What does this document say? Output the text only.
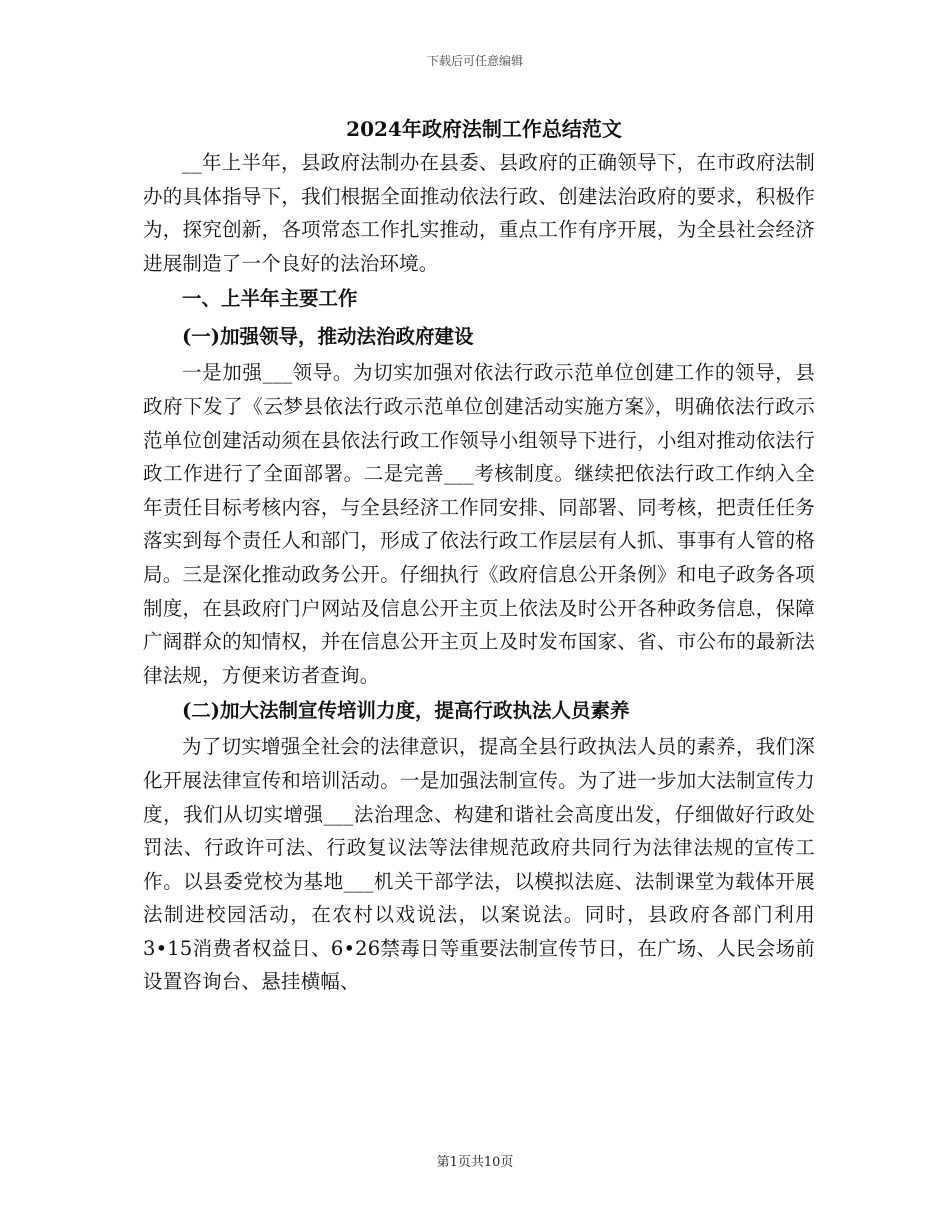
下载后可任意编辑
2024年政府法制工作总结范文

__年上半年，县政府法制办在县委、县政府的正确领导下，在市政府法制办的具体指导下，我们根据全面推动依法行政、创建法治政府的要求，积极作为，探究创新，各项常态工作扎实推动，重点工作有序开展，为全县社会经济进展制造了一个良好的法治环境。

一、上半年主要工作

(一)加强领导，推动法治政府建设

一是加强___领导。为切实加强对依法行政示范单位创建工作的领导，县政府下发了《云梦县依法行政示范单位创建活动实施方案》，明确依法行政示范单位创建活动须在县依法行政工作领导小组领导下进行，小组对推动依法行政工作进行了全面部署。二是完善___考核制度。继续把依法行政工作纳入全年责任目标考核内容，与全县经济工作同安排、同部署、同考核，把责任任务落实到每个责任人和部门，形成了依法行政工作层层有人抓、事事有人管的格局。三是深化推动政务公开。仔细执行《政府信息公开条例》和电子政务各项制度，在县政府门户网站及信息公开主页上依法及时公开各种政务信息，保障广阔群众的知情权，并在信息公开主页上及时发布国家、省、市公布的最新法律法规，方便来访者查询。

(二)加大法制宣传培训力度，提高行政执法人员素养

为了切实增强全社会的法律意识，提高全县行政执法人员的素养，我们深化开展法律宣传和培训活动。一是加强法制宣传。为了进一步加大法制宣传力度，我们从切实增强___法治理念、构建和谐社会高度出发，仔细做好行政处罚法、行政许可法、行政复议法等法律规范政府共同行为法律法规的宣传工作。以县委党校为基地___机关干部学法，以模拟法庭、法制课堂为载体开展法制进校园活动，在农村以戏说法，以案说法。同时，县政府各部门利用3•15消费者权益日、6•26禁毒日等重要法制宣传节日，在广场、人民会场前设置咨询台、悬挂横幅、

第1页共10页
